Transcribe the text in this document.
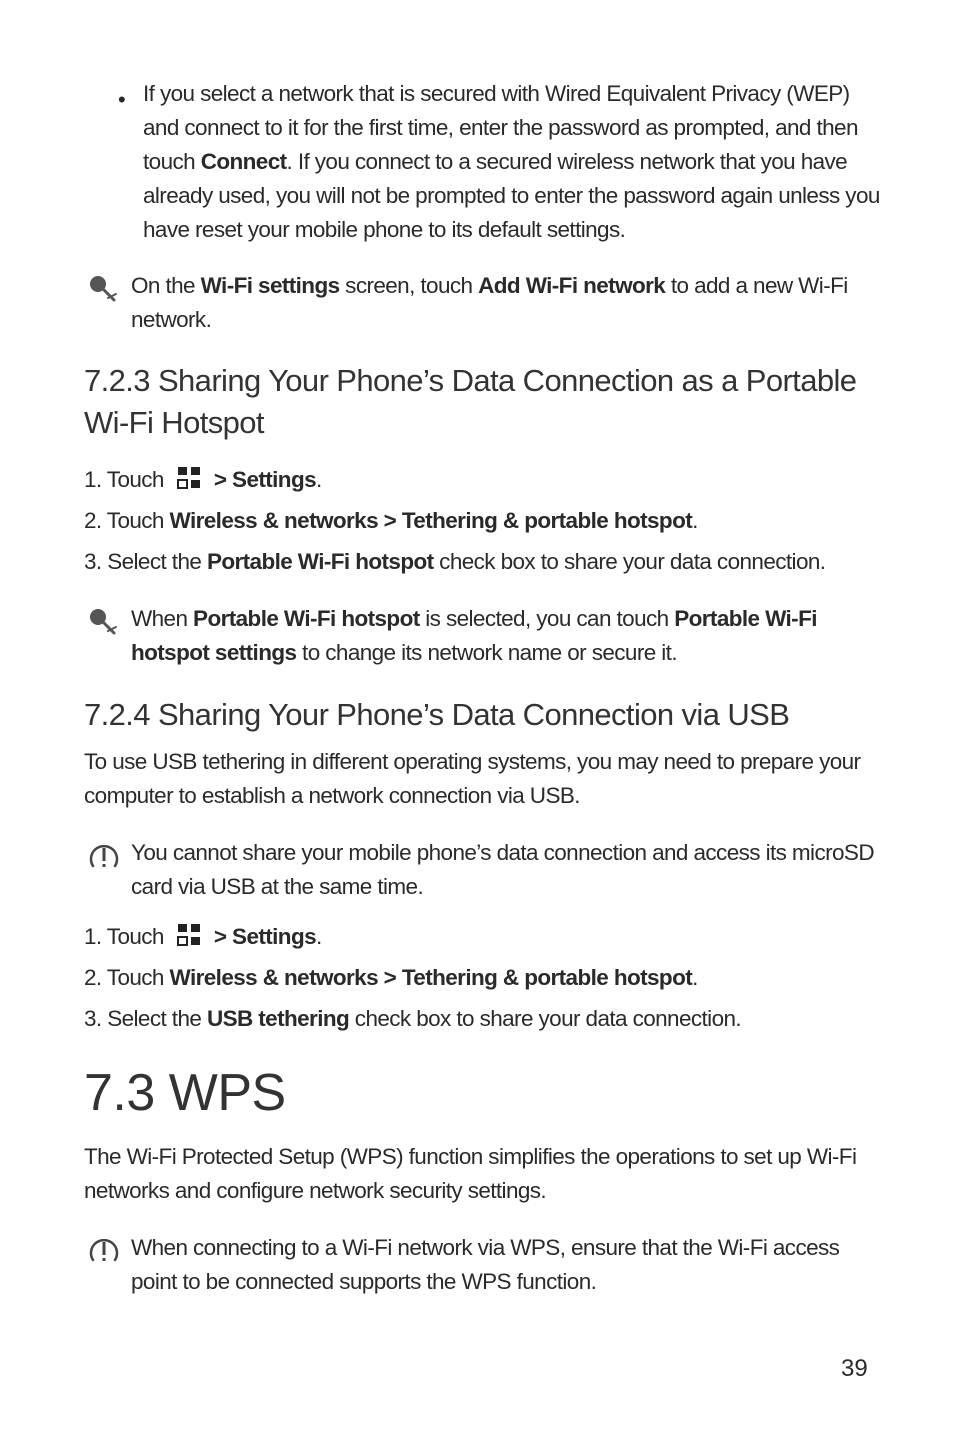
• If you select a network that is secured with Wired Equivalent Privacy (WEP)
and connect to it for the first time, enter the password as prompted, and then
touch Connect. If you connect to a secured wireless network that you have
already used, you will not be prompted to enter the password again unless you
have reset your mobile phone to its default settings.
On the Wi-Fi settings screen, touch Add Wi-Fi network to add a new Wi-Fi
network.
7.2.3 Sharing Your Phone’s Data Connection as a Portable
Wi-Fi Hotspot
1. Touch > Settings.
2. Touch Wireless & networks > Tethering & portable hotspot.
3. Select the Portable Wi-Fi hotspot check box to share your data connection.
When Portable Wi-Fi hotspot is selected, you can touch Portable Wi-Fi
hotspot settings to change its network name or secure it.
7.2.4 Sharing Your Phone’s Data Connection via USB
To use USB tethering in different operating systems, you may need to prepare your
computer to establish a network connection via USB.
You cannot share your mobile phone’s data connection and access its microSD
card via USB at the same time.
1. Touch > Settings.
2. Touch Wireless & networks > Tethering & portable hotspot.
3. Select the USB tethering check box to share your data connection.
7.3 WPS
The Wi-Fi Protected Setup (WPS) function simplifies the operations to set up Wi-Fi
networks and configure network security settings.
When connecting to a Wi-Fi network via WPS, ensure that the Wi-Fi access
point to be connected supports the WPS function.
39
